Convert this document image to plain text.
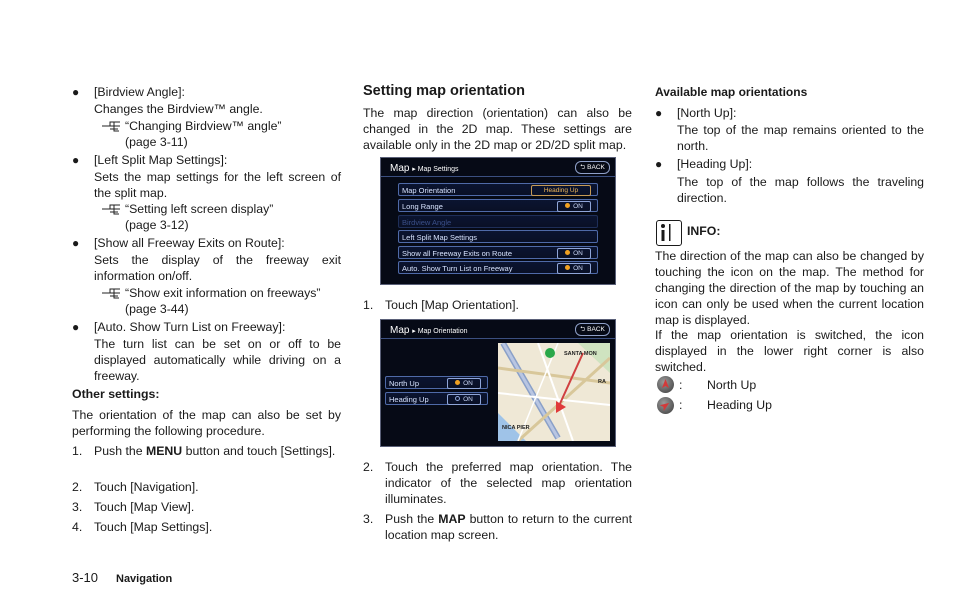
● [Birdview Angle]:
Changes the Birdview™ angle.
“Changing Birdview™ angle”
(page 3-11)
● [Left Split Map Settings]:
Sets the map settings for the left screen of the split map.
“Setting left screen display”
(page 3-12)
● [Show all Freeway Exits on Route]:
Sets the display of the freeway exit information on/off.
“Show exit information on freeways”
(page 3-44)
● [Auto. Show Turn List on Freeway]:
The turn list can be set on or off to be displayed automatically while driving on a freeway.
Other settings:
The orientation of the map can also be set by performing the following procedure.
1. Push the MENU button and touch [Settings].
2. Touch [Navigation].
3. Touch [Map View].
4. Touch [Map Settings].
Setting map orientation
The map direction (orientation) can also be changed in the 2D map. These settings are available only in the 2D map or 2D/2D split map.
Map ▸ Map Settings	⮌ BACK
Map Orientation	Heading Up
Long Range	ON
Birdview Angle
Left Split Map Settings
Show all Freeway Exits on Route	ON
Auto. Show Turn List on Freeway	ON
1. Touch [Map Orientation].
Map ▸ Map Orientation	⮌ BACK
North Up	ON
Heading Up	ON
SANTA MON
RA
NICA PIER
2. Touch the preferred map orientation. The indicator of the selected map orientation illuminates.
3. Push the MAP button to return to the current location map screen.
Available map orientations
● [North Up]:
The top of the map remains oriented to the north.
● [Heading Up]:
The top of the map follows the traveling direction.
INFO:
The direction of the map can also be changed by touching the icon on the map. The method for changing the direction of the map by touching an icon can only be used when the current location map is displayed.
If the map orientation is switched, the icon displayed in the lower right corner is also switched.
: North Up
: Heading Up
3-10 Navigation
